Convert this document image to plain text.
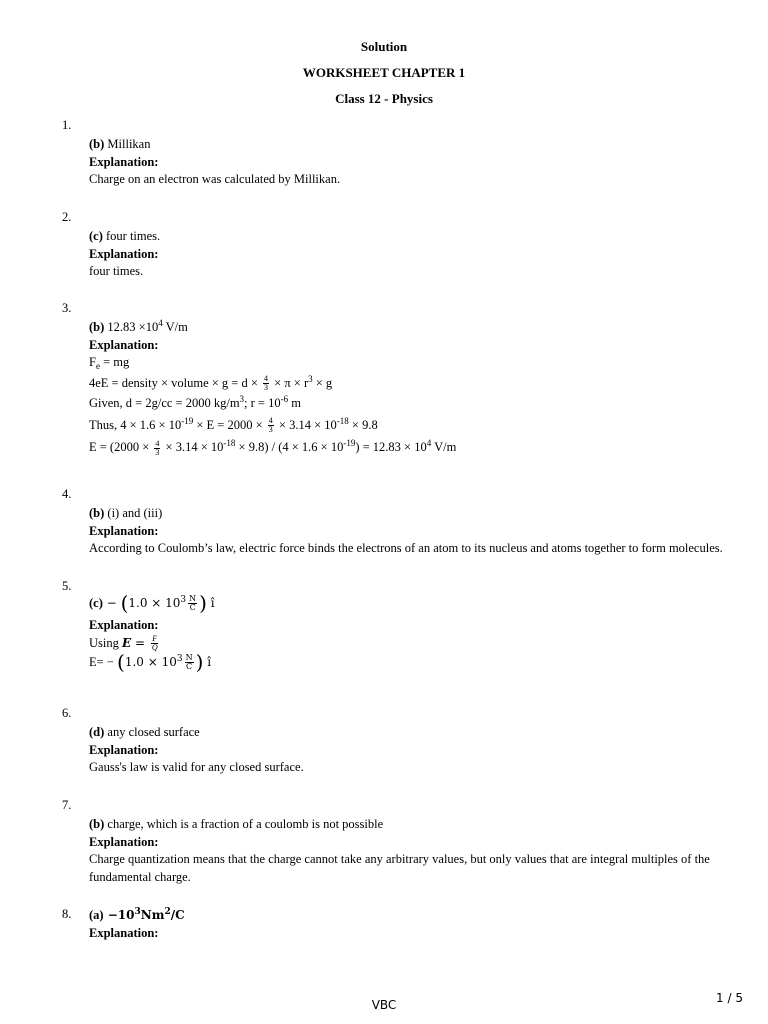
Solution
WORKSHEET CHAPTER 1
Class 12 - Physics
1.
(b) Millikan
Explanation:
Charge on an electron was calculated by Millikan.
2.
(c) four times.
Explanation:
four times.
3.
(b) $12.83 \times 10^4$ V/m
Explanation:
$F_e$ = mg
4eE = density × volume × $g = d \times \frac{4}{3} \times \pi \times r^3 \times g$
Given, d = 2g/cc = 2000 $kg/m^3$; $r = 10^{-6}$ m
Thus, $4 \times 1.6 \times 10^{-19} \times E = 2000 \times \frac{4}{3} \times 3.14 \times 10^{-18} \times 9.8$
$E = (2000 \times \frac{4}{3} \times 3.14 \times 10^{-18} \times 9.8) / (4 \times 1.6 \times 10^{-19}) = 12.83 \times 10^4$ V/m
4.
(b) (i) and (iii)
Explanation:
According to Coulomb’s law, electric force binds the electrons of an atom to its nucleus and atoms together to form molecules.
5.
$(c) - (1.0 \times 10^3 \frac{N}{C}$ ) î
Explanation:
Using $E = \frac{F}{Q}$
$E= - (1.0 \times 10^3 \frac{N}{C}$ ) î
6.
(d) any closed surface
Explanation:
Gauss's law is valid for any closed surface.
7.
(b) charge, which is a fraction of a coulomb is not possible
Explanation:
Charge quantization means that the charge cannot take any arbitrary values, but only values that are integral multiples of the fundamental charge.
8. $(a) -10^3Nm^2/C$
Explanation:
VBC	1 / 5
